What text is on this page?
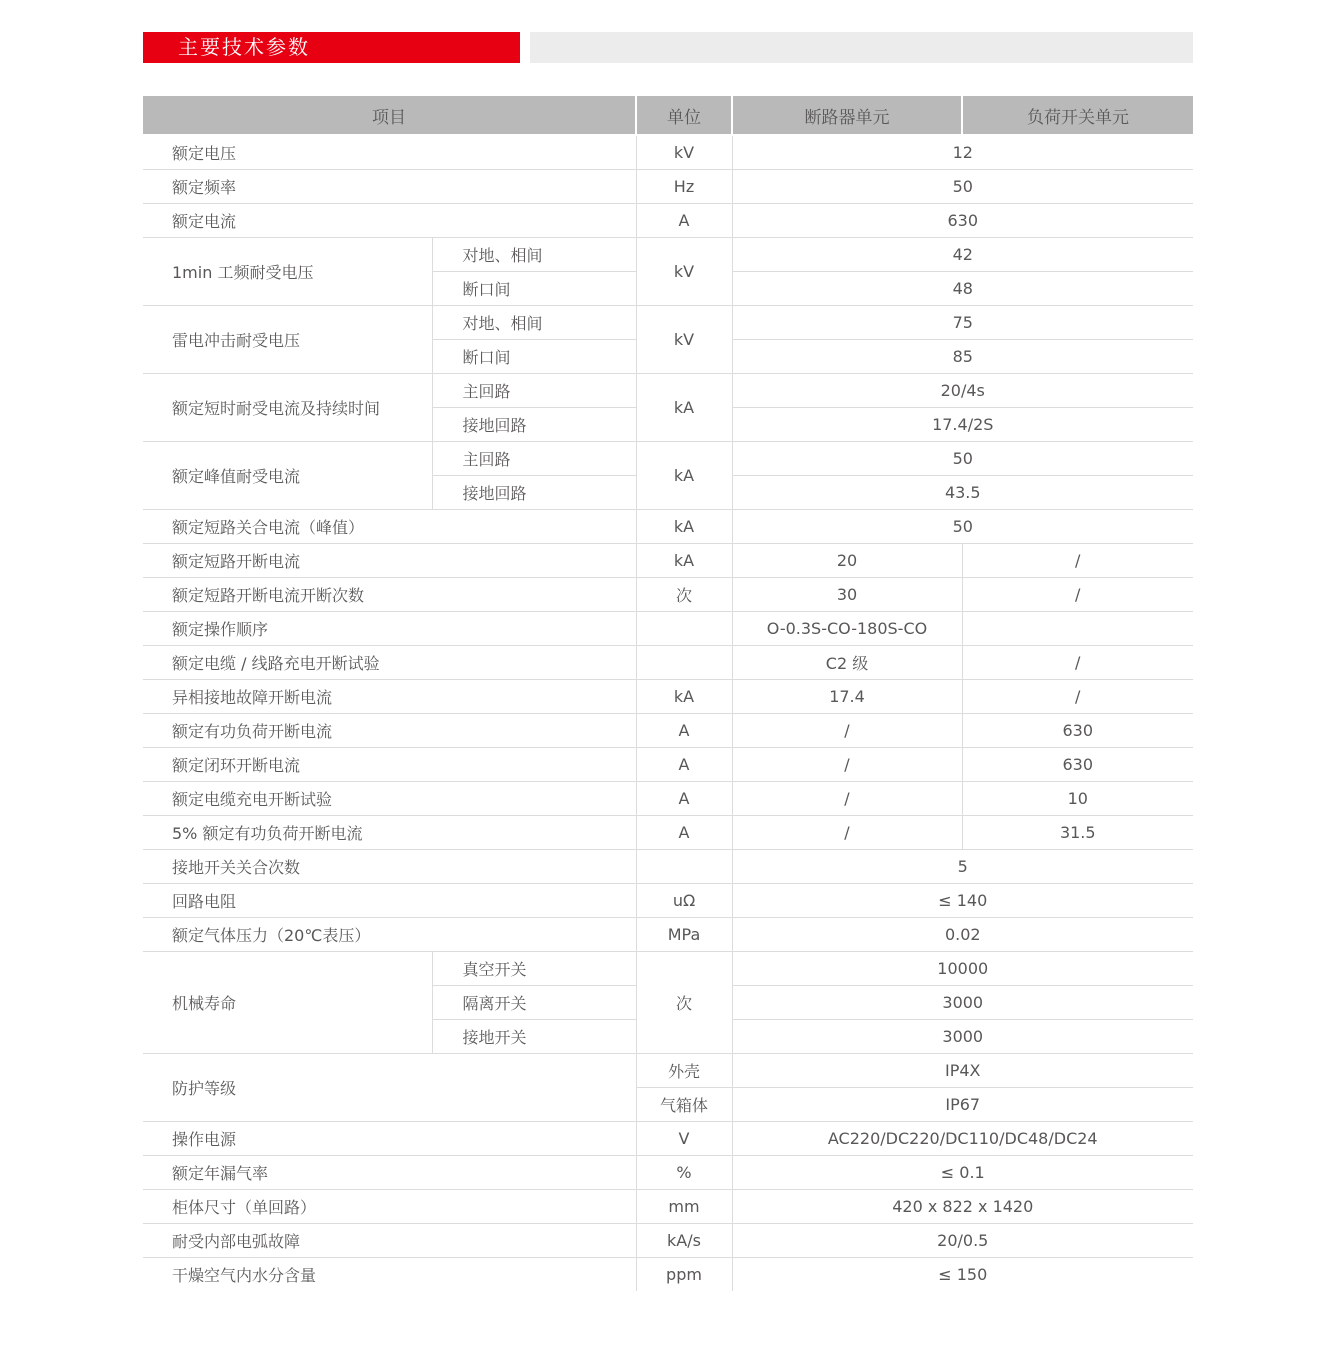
主要技术参数
项目		单位	断路器单元	负荷开关单元
额定电压		kV	12	
额定频率		Hz	50	
额定电流		A	630	
1min 工频耐受电压	对地、相间	kV	42	
	断口间		48	
雷电冲击耐受电压	对地、相间	kV	75	
	断口间		85	
额定短时耐受电流及持续时间	主回路	kA	20/4s	
	接地回路		17.4/2S	
额定峰值耐受电流	主回路	kA	50	
	接地回路		43.5	
额定短路关合电流（峰值）		kA	50	
额定短路开断电流		kA	20	/
额定短路开断电流开断次数		次	30	/
额定操作顺序			O-0.3S-CO-180S-CO	
额定电缆 / 线路充电开断试验			C2 级	/
异相接地故障开断电流		kA	17.4	/
额定有功负荷开断电流		A	/	630
额定闭环开断电流		A	/	630
额定电缆充电开断试验		A	/	10
5% 额定有功负荷开断电流		A	/	31.5
接地开关关合次数			5	
回路电阻		uΩ	≤ 140	
额定气体压力（20℃表压）		MPa	0.02	
机械寿命	真空开关	次	10000	
	隔离开关		3000	
	接地开关		3000	
防护等级		外壳	IP4X	
		气箱体	IP67	
操作电源		V	AC220/DC220/DC110/DC48/DC24	
额定年漏气率		%	≤ 0.1	
柜体尺寸（单回路）		mm	420 x 822 x 1420	
耐受内部电弧故障		kA/s	20/0.5	
干燥空气内水分含量		ppm	≤ 150	
